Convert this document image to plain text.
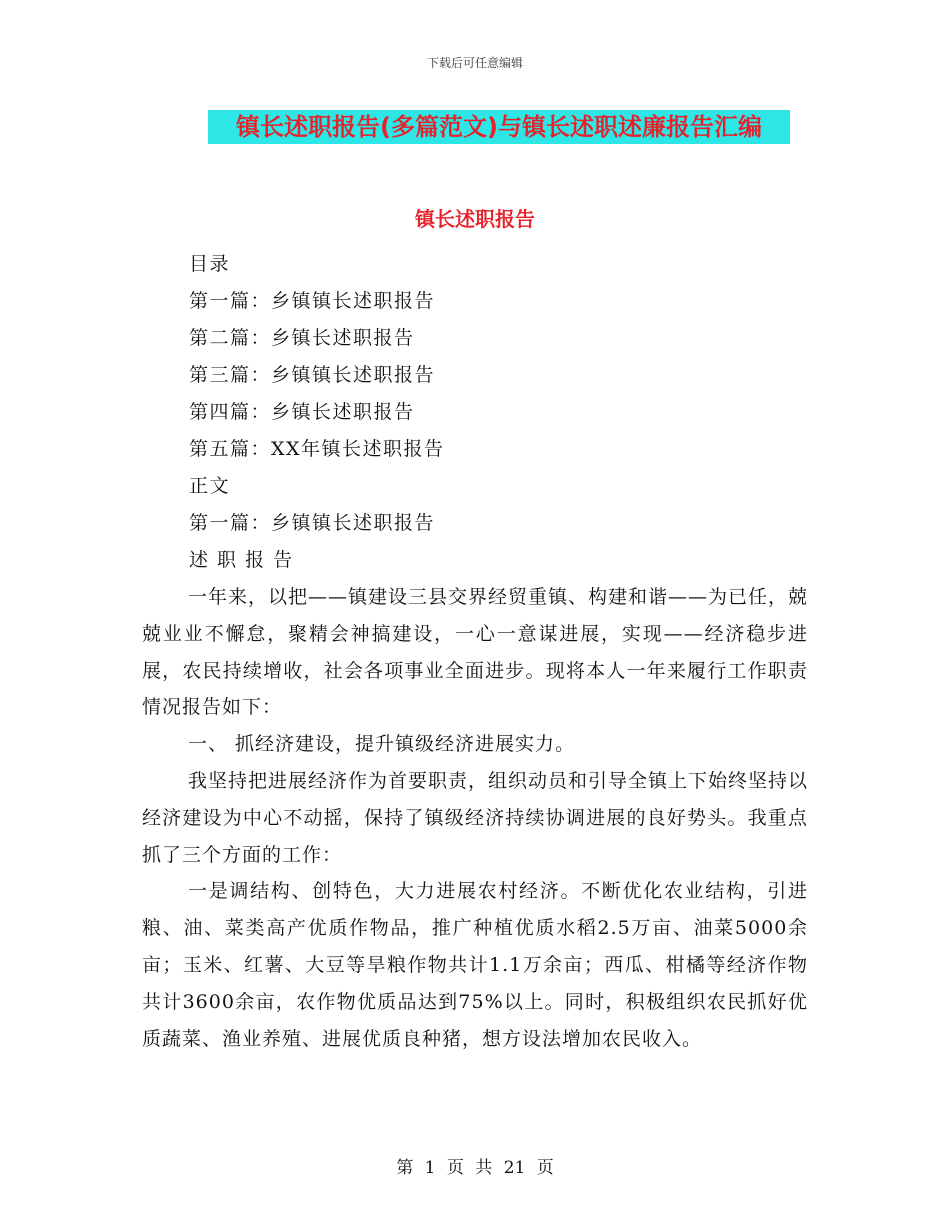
下载后可任意编辑
镇长述职报告(多篇范文)与镇长述职述廉报告汇编
镇长述职报告
目录
第一篇：乡镇镇长述职报告
第二篇：乡镇长述职报告
第三篇：乡镇镇长述职报告
第四篇：乡镇长述职报告
第五篇：XX年镇长述职报告
正文
第一篇：乡镇镇长述职报告
述 职 报 告

一年来，以把——镇建设三县交界经贸重镇、构建和谐——为已任，兢兢业业不懈怠，聚精会神搞建设，一心一意谋进展，实现——经济稳步进展，农民持续增收，社会各项事业全面进步。现将本人一年来履行工作职责情况报告如下：

一、 抓经济建设，提升镇级经济进展实力。

我坚持把进展经济作为首要职责，组织动员和引导全镇上下始终坚持以经济建设为中心不动摇，保持了镇级经济持续协调进展的良好势头。我重点抓了三个方面的工作：

一是调结构、创特色，大力进展农村经济。不断优化农业结构，引进粮、油、菜类高产优质作物品，推广种植优质水稻2.5万亩、油菜5000余亩；玉米、红薯、大豆等旱粮作物共计1.1万余亩；西瓜、柑橘等经济作物共计3600余亩，农作物优质品达到75%以上。同时，积极组织农民抓好优质蔬菜、渔业养殖、进展优质良种猪，想方设法增加农民收入。

第 1 页 共 21 页
